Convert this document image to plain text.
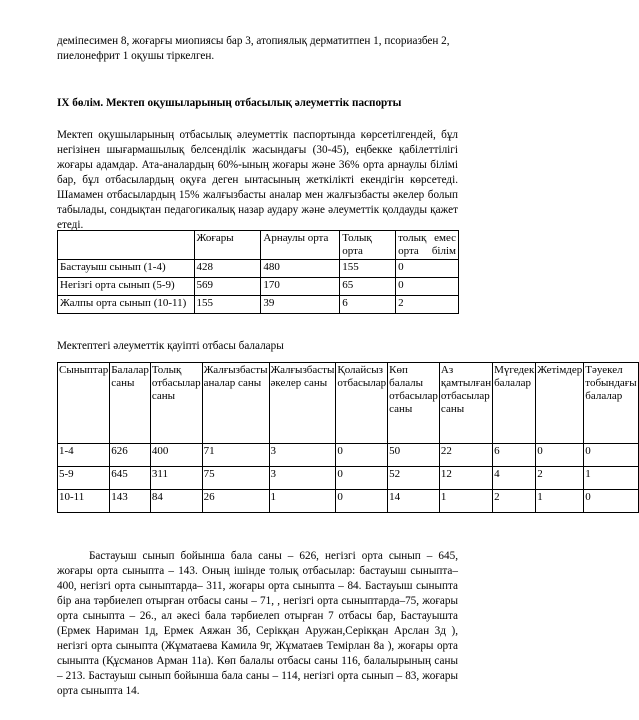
деміпесимен 8, жоғарғы миопиясы бар 3, атопиялық дерматитпен 1, псориазбен 2,
пиелонефрит 1 оқушы тіркелген.
IX бөлім. Мектеп оқушыларының отбасылық әлеуметтік паспорты
Мектеп оқушыларының отбасылық әлеуметтік паспортында көрсетілгендей, бұл негізінен шығармашылық белсенділік жасындағы (30-45), еңбекке қабілеттілігі жоғары адамдар. Ата-аналардың 60%-ының жоғары және 36% орта арнаулы білімі бар, бұл отбасылардың оқуға деген ынтасының жеткілікті екендігін көрсетеді. Шамамен отбасылардың 15% жалғызбасты аналар мен жалғызбасты әкелер болып табылады, сондықтан педагогикалық назар аудару және әлеуметтік қолдауды қажет етеді.
	Жоғары	Арнаулы орта	Толық орта	толық емес орта білім
Бастауыш сынып (1-4)	428	480	155	0
Негізгі орта сынып (5-9)	569	170	65	0
Жалпы орта сынып (10-11)	155	39	6	2
Мектептегі әлеуметтік қауіпті отбасы балалары
Сыныптар	Балалар саны	Толық отбасылар саны	Жалғызбасты аналар саны	Жалғызбасты әкелер саны	Қолайсыз отбасылар	Көп балалы отбасылар саны	Аз қамтылған отбасылар саны	Мүгедек балалар	Жетімдер	Тәуекел тобындағы балалар
1-4	626	400	71	3	0	50	22	6	0	0
5-9	645	311	75	3	0	52	12	4	2	1
10-11	143	84	26	1	0	14	1	2	1	0
Бастауыш сынып бойынша бала саны – 626, негізгі орта сынып – 645, жоғары орта сыныпта – 143. Оның ішінде толық отбасылар: бастауыш сыныпта– 400, негізгі орта сыныптарда– 311, жоғары орта сыныпта – 84. Бастауыш сыныпта бір ана тәрбиелеп отырған отбасы саны – 71, , негізгі орта сыныптарда–75, жоғары орта сыныпта – 26., ал әкесі бала тәрбиелеп отырған 7 отбасы бар, Бастауышта (Ермек Нариман 1д, Ермек Аяжан 3б, Серікқан Аружан,Серікқан Арслан 3д ), негізгі орта сыныпта (Жұматаева Камила 9г, Жұматаев Темірлан 8а ), жоғары орта сыныпта (Құсманов Арман 11а). Көп балалы отбасы саны 116, балалырының саны – 213. Бастауыш сынып бойынша бала саны – 114, негізгі орта сынып – 83, жоғары орта сыныпта 14.
